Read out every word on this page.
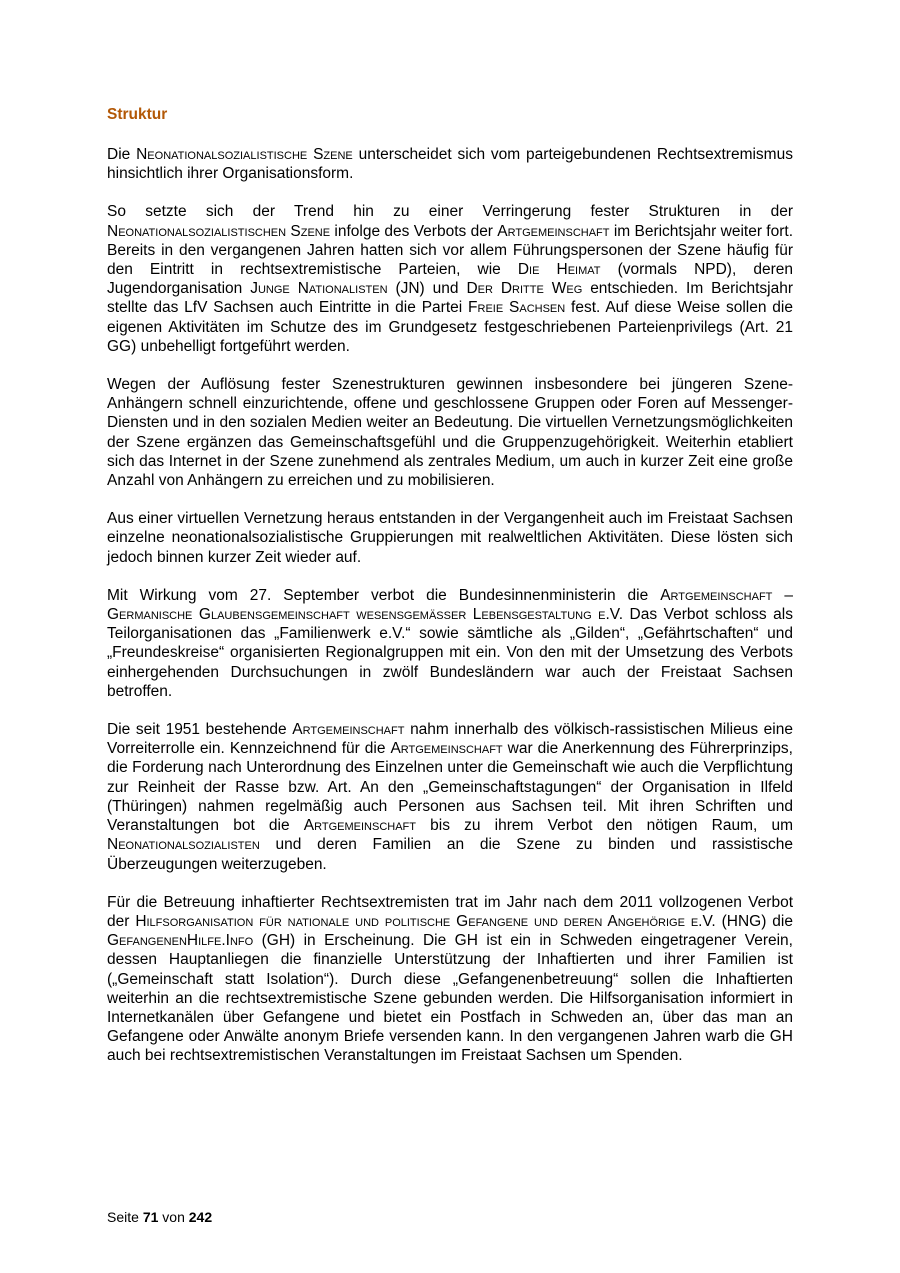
Struktur

Die Neonationalsozialistische Szene unterscheidet sich vom parteigebundenen Rechtsextremismus hinsichtlich ihrer Organisationsform.

So setzte sich der Trend hin zu einer Verringerung fester Strukturen in der Neonationalsozialistischen Szene infolge des Verbots der Artgemeinschaft im Berichtsjahr weiter fort. Bereits in den vergangenen Jahren hatten sich vor allem Führungspersonen der Szene häufig für den Eintritt in rechtsextremistische Parteien, wie Die Heimat (vormals NPD), deren Jugendorganisation Junge Nationalisten (JN) und Der Dritte Weg entschieden. Im Berichtsjahr stellte das LfV Sachsen auch Eintritte in die Partei Freie Sachsen fest. Auf diese Weise sollen die eigenen Aktivitäten im Schutze des im Grundgesetz festgeschriebenen Parteienprivilegs (Art. 21 GG) unbehelligt fortgeführt werden.

Wegen der Auflösung fester Szenestrukturen gewinnen insbesondere bei jüngeren Szene-Anhängern schnell einzurichtende, offene und geschlossene Gruppen oder Foren auf Messenger-Diensten und in den sozialen Medien weiter an Bedeutung. Die virtuellen Vernetzungsmöglichkeiten der Szene ergänzen das Gemeinschaftsgefühl und die Gruppenzugehörigkeit. Weiterhin etabliert sich das Internet in der Szene zunehmend als zentrales Medium, um auch in kurzer Zeit eine große Anzahl von Anhängern zu erreichen und zu mobilisieren.

Aus einer virtuellen Vernetzung heraus entstanden in der Vergangenheit auch im Freistaat Sachsen einzelne neonationalsozialistische Gruppierungen mit realweltlichen Aktivitäten. Diese lösten sich jedoch binnen kurzer Zeit wieder auf.

Mit Wirkung vom 27. September verbot die Bundesinnenministerin die Artgemeinschaft – Germanische Glaubensgemeinschaft wesensgemäßer Lebensgestaltung e.V. Das Verbot schloss als Teilorganisationen das „Familienwerk e.V.“ sowie sämtliche als „Gilden“, „Gefährtschaften“ und „Freundeskreise“ organisierten Regionalgruppen mit ein. Von den mit der Umsetzung des Verbots einhergehenden Durchsuchungen in zwölf Bundesländern war auch der Freistaat Sachsen betroffen.

Die seit 1951 bestehende Artgemeinschaft nahm innerhalb des völkisch-rassistischen Milieus eine Vorreiterrolle ein. Kennzeichnend für die Artgemeinschaft war die Anerkennung des Führerprinzips, die Forderung nach Unterordnung des Einzelnen unter die Gemeinschaft wie auch die Verpflichtung zur Reinheit der Rasse bzw. Art. An den „Gemeinschaftstagungen“ der Organisation in Ilfeld (Thüringen) nahmen regelmäßig auch Personen aus Sachsen teil. Mit ihren Schriften und Veranstaltungen bot die Artgemeinschaft bis zu ihrem Verbot den nötigen Raum, um Neonationalsozialisten und deren Familien an die Szene zu binden und rassistische Überzeugungen weiterzugeben.

Für die Betreuung inhaftierter Rechtsextremisten trat im Jahr nach dem 2011 vollzogenen Verbot der Hilfsorganisation für nationale und politische Gefangene und deren Angehörige e.V. (HNG) die GefangenenHilfe.Info (GH) in Erscheinung. Die GH ist ein in Schweden eingetragener Verein, dessen Hauptanliegen die finanzielle Unterstützung der Inhaftierten und ihrer Familien ist („Gemeinschaft statt Isolation“). Durch diese „Gefangenenbetreuung“ sollen die Inhaftierten weiterhin an die rechtsextremistische Szene gebunden werden. Die Hilfsorganisation informiert in Internetkanälen über Gefangene und bietet ein Postfach in Schweden an, über das man an Gefangene oder Anwälte anonym Briefe versenden kann. In den vergangenen Jahren warb die GH auch bei rechtsextremistischen Veranstaltungen im Freistaat Sachsen um Spenden.

Seite 71 von 242
